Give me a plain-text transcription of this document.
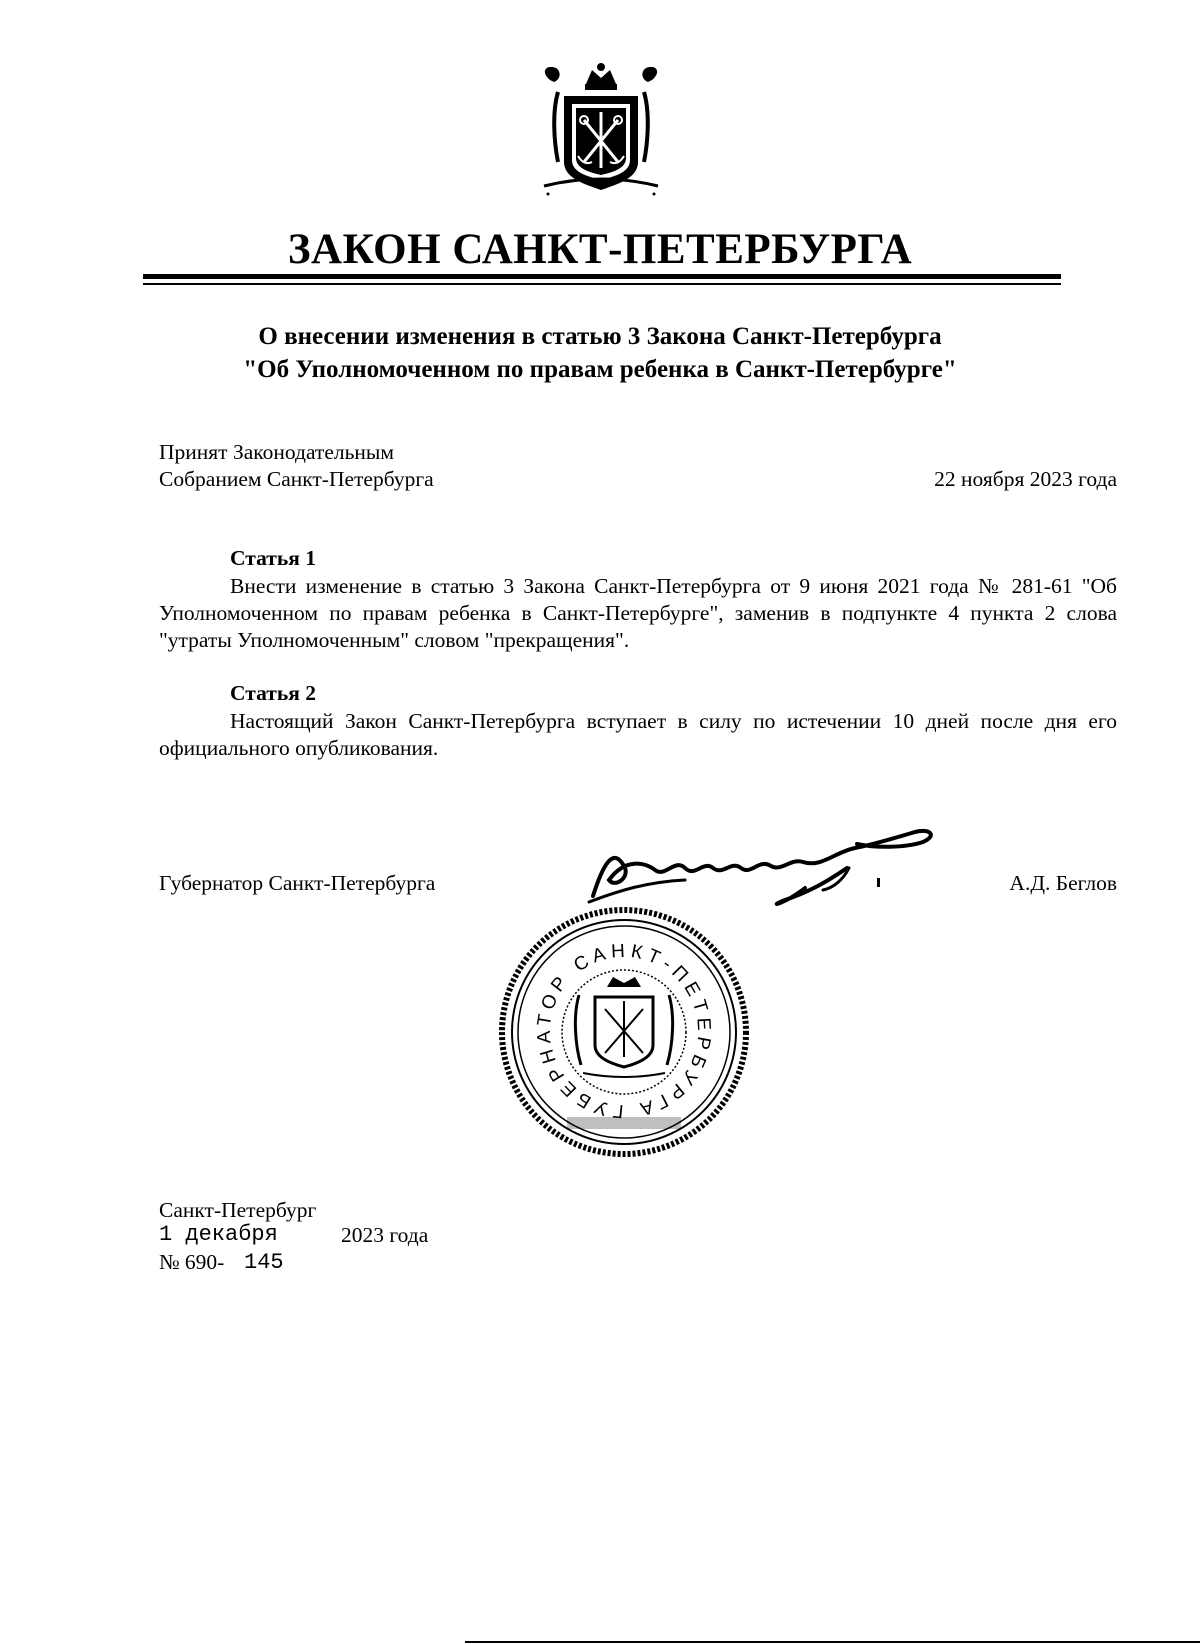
ЗАКОН САНКТ-ПЕТЕРБУРГА
О внесении изменения в статью 3 Закона Санкт-Петербурга
"Об Уполномоченном по правам ребенка в Санкт-Петербурге"
Принят Законодательным
Собранием Санкт-Петербурга	22 ноября 2023 года
Статья 1
Внести изменение в статью 3 Закона Санкт-Петербурга от 9 июня 2021 года № 281-61 "Об Уполномоченном по правам ребенка в Санкт-Петербурге", заменив в подпункте 4 пункта 2 слова "утраты Уполномоченным" словом "прекращения".
Статья 2
Настоящий Закон Санкт-Петербурга вступает в силу по истечении 10 дней после дня его официального опубликования.
Губернатор Санкт-Петербурга	А.Д. Беглов
ГУБЕРНАТОР САНКТ-ПЕТЕРБУРГА
Санкт-Петербург
1 декабря	2023 года
№ 690- 145
